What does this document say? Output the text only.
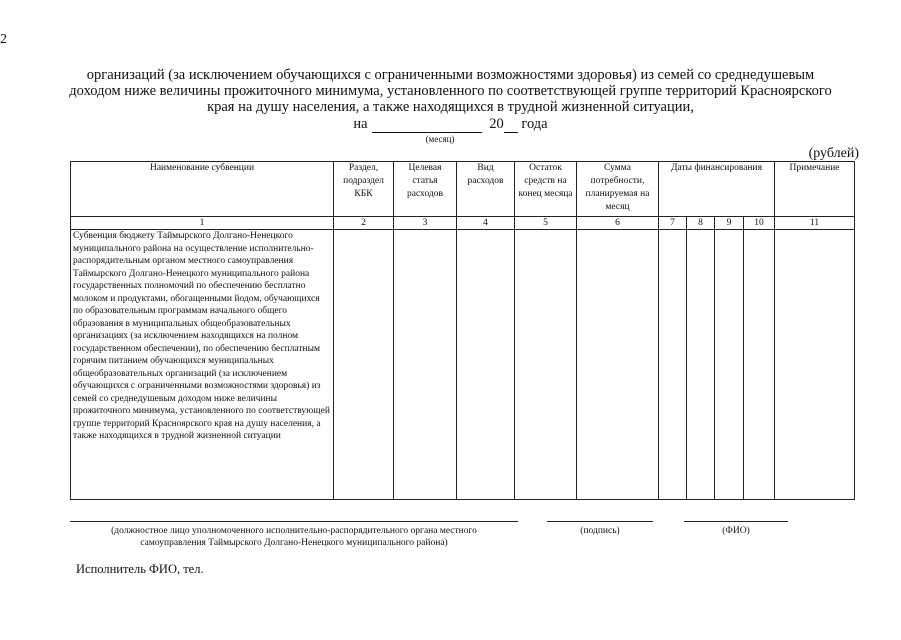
2
организаций (за исключением обучающихся с ограниченными возможностями здоровья) из семей со среднедушевым доходом ниже величины прожиточного минимума, установленного по соответствующей группе территорий Красноярского края на душу населения, а также находящихся в трудной жизненной ситуации,
на	20 года
(месяц)
(рублей)
Наименование субвенции	Раздел, подраздел КБК	Целевая статья расходов	Вид расходов	Остаток средств на конец месяца	Сумма потребности, планируемая на месяц	Даты финансирования				Примечание
1	2	3	4	5	6	7	8	9	10	11
Субвенция бюджету Таймырского Долгано-Ненецкого муниципального района на осуществление исполнительно-распорядительным органом местного самоуправления Таймырского Долгано-Ненецкого муниципального района государственных полномочий по обеспечению бесплатно молоком и продуктами, обогащенными йодом, обучающихся по образовательным программам начального общего образования в муниципальных общеобразовательных организациях (за исключением находящихся на полном государственном обеспечении), по обеспечению бесплатным горячим питанием обучающихся муниципальных общеобразовательных организаций (за исключением обучающихся с ограниченными возможностями здоровья) из семей со среднедушевым доходом ниже величины прожиточного минимума, установленного по соответствующей группе территорий Красноярского края на душу населения, а также находящихся в трудной жизненной ситуации										
(должностное лицо уполномоченного исполнительно-распорядительного органа местного самоуправления Таймырского Долгано-Ненецкого муниципального района)
(подпись)	(ФИО)
Исполнитель ФИО, тел.
